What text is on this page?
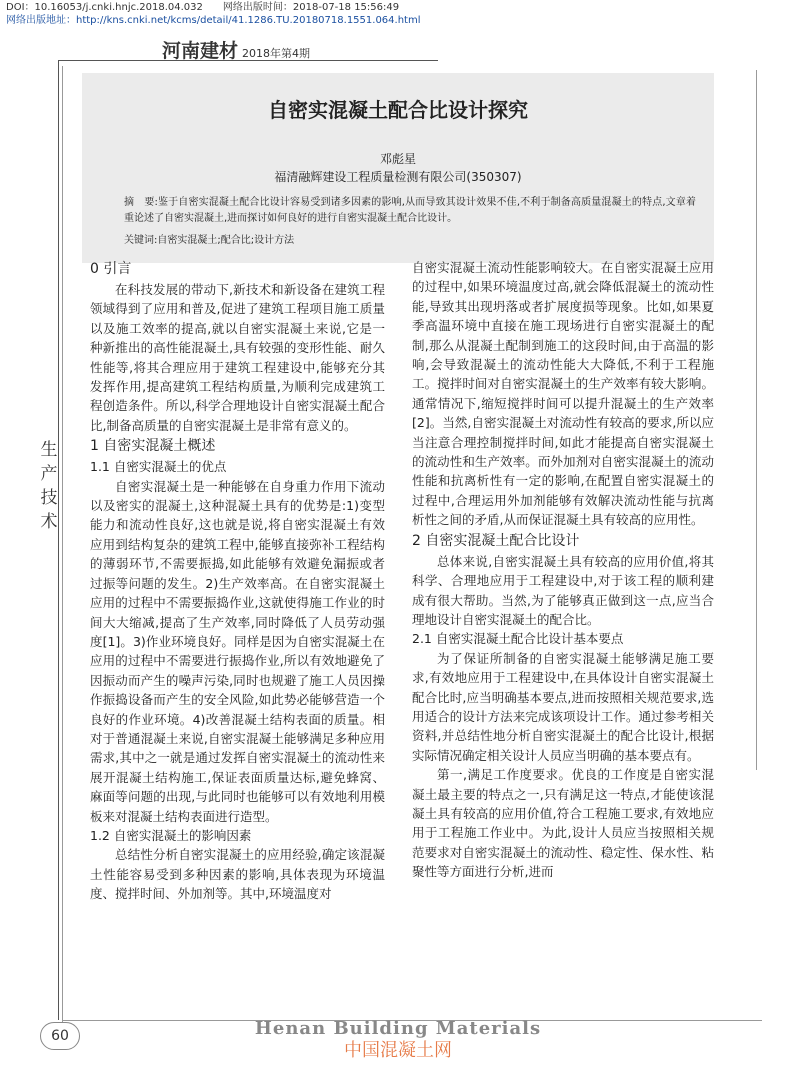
DOI：10.16053/j.cnki.hnjc.2018.04.032　　网络出版时间：2018-07-18 15:56:49
网络出版地址：http://kns.cnki.net/kcms/detail/41.1286.TU.20180718.1551.064.html
河南建材 2018年第4期
自密实混凝土配合比设计探究
邓彪星
福清融辉建设工程质量检测有限公司(350307)
摘　要:鉴于自密实混凝土配合比设计容易受到诸多因素的影响,从而导致其设计效果不佳,不利于制备高质量混凝土的特点,文章着重论述了自密实混凝土,进而探讨如何良好的进行自密实混凝土配合比设计。
关键词:自密实混凝土;配合比;设计方法
生产技术
0 引言

在科技发展的带动下,新技术和新设备在建筑工程领域得到了应用和普及,促进了建筑工程项目施工质量以及施工效率的提高,就以自密实混凝土来说,它是一种新推出的高性能混凝土,具有较强的变形性能、耐久性能等,将其合理应用于建筑工程建设中,能够充分其发挥作用,提高建筑工程结构质量,为顺利完成建筑工程创造条件。所以,科学合理地设计自密实混凝土配合比,制备高质量的自密实混凝土是非常有意义的。

1 自密实混凝土概述
1.1 自密实混凝土的优点

自密实混凝土是一种能够在自身重力作用下流动以及密实的混凝土,这种混凝土具有的优势是:1)变型能力和流动性良好,这也就是说,将自密实混凝土有效应用到结构复杂的建筑工程中,能够直接弥补工程结构的薄弱环节,不需要振捣,如此能够有效避免漏振或者过振等问题的发生。2)生产效率高。在自密实混凝土应用的过程中不需要振捣作业,这就使得施工作业的时间大大缩减,提高了生产效率,同时降低了人员劳动强度[1]。3)作业环境良好。同样是因为自密实混凝土在应用的过程中不需要进行振捣作业,所以有效地避免了因振动而产生的噪声污染,同时也规避了施工人员因操作振捣设备而产生的安全风险,如此势必能够营造一个良好的作业环境。4)改善混凝土结构表面的质量。相对于普通混凝土来说,自密实混凝土能够满足多种应用需求,其中之一就是通过发挥自密实混凝土的流动性来展开混凝土结构施工,保证表面质量达标,避免蜂窝、麻面等问题的出现,与此同时也能够可以有效地利用模板来对混凝土结构表面进行造型。

1.2 自密实混凝土的影响因素

总结性分析自密实混凝土的应用经验,确定该混凝土性能容易受到多种因素的影响,具体表现为环境温度、搅拌时间、外加剂等。其中,环境温度对

自密实混凝土流动性能影响较大。在自密实混凝土应用的过程中,如果环境温度过高,就会降低混凝土的流动性能,导致其出现坍落或者扩展度损等现象。比如,如果夏季高温环境中直接在施工现场进行自密实混凝土的配制,那么从混凝土配制到施工的这段时间,由于高温的影响,会导致混凝土的流动性能大大降低,不利于工程施工。搅拌时间对自密实混凝土的生产效率有较大影响。通常情况下,缩短搅拌时间可以提升混凝土的生产效率[2]。当然,自密实混凝土对流动性有较高的要求,所以应当注意合理控制搅拌时间,如此才能提高自密实混凝土的流动性和生产效率。而外加剂对自密实混凝土的流动性能和抗离析性有一定的影响,在配置自密实混凝土的过程中,合理运用外加剂能够有效解决流动性能与抗离析性之间的矛盾,从而保证混凝土具有较高的应用性。

2 自密实混凝土配合比设计

总体来说,自密实混凝土具有较高的应用价值,将其科学、合理地应用于工程建设中,对于该工程的顺利建成有很大帮助。当然,为了能够真正做到这一点,应当合理地设计自密实混凝土的配合比。

2.1 自密实混凝土配合比设计基本要点

为了保证所制备的自密实混凝土能够满足施工要求,有效地应用于工程建设中,在具体设计自密实混凝土配合比时,应当明确基本要点,进而按照相关规范要求,选用适合的设计方法来完成该项设计工作。通过参考相关资料,并总结性地分析自密实混凝土的配合比设计,根据实际情况确定相关设计人员应当明确的基本要点有。

第一,满足工作度要求。优良的工作度是自密实混凝土最主要的特点之一,只有满足这一特点,才能使该混凝土具有较高的应用价值,符合工程施工要求,有效地应用于工程施工作业中。为此,设计人员应当按照相关规范要求对自密实混凝土的流动性、稳定性、保水性、粘聚性等方面进行分析,进而

60	Henan Building Materials
中国混凝土网
